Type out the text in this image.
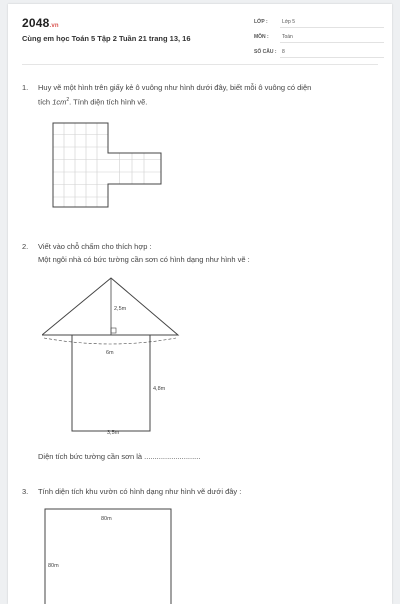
2048.vn
Cùng em học Toán 5 Tập 2 Tuần 21 trang 13, 16
LỚP :	Lớp 5
MÔN :	Toán
SỐ CÂU : 8
1. Huy vẽ một hình trên giấy kẻ ô vuông như hình dưới đây, biết mỗi ô vuông có diện
tích $1cm^2$. Tính diện tích hình vẽ.
2. Viết vào chỗ chấm cho thích hợp :
Một ngôi nhà có bức tường cần sơn có hình dạng như hình vẽ :
2,5m
6m
4,8m
3,5m
Diện tích bức tường cần sơn là ...........................
3. Tính diện tích khu vườn có hình dạng như hình vẽ dưới đây :
80m
80m
